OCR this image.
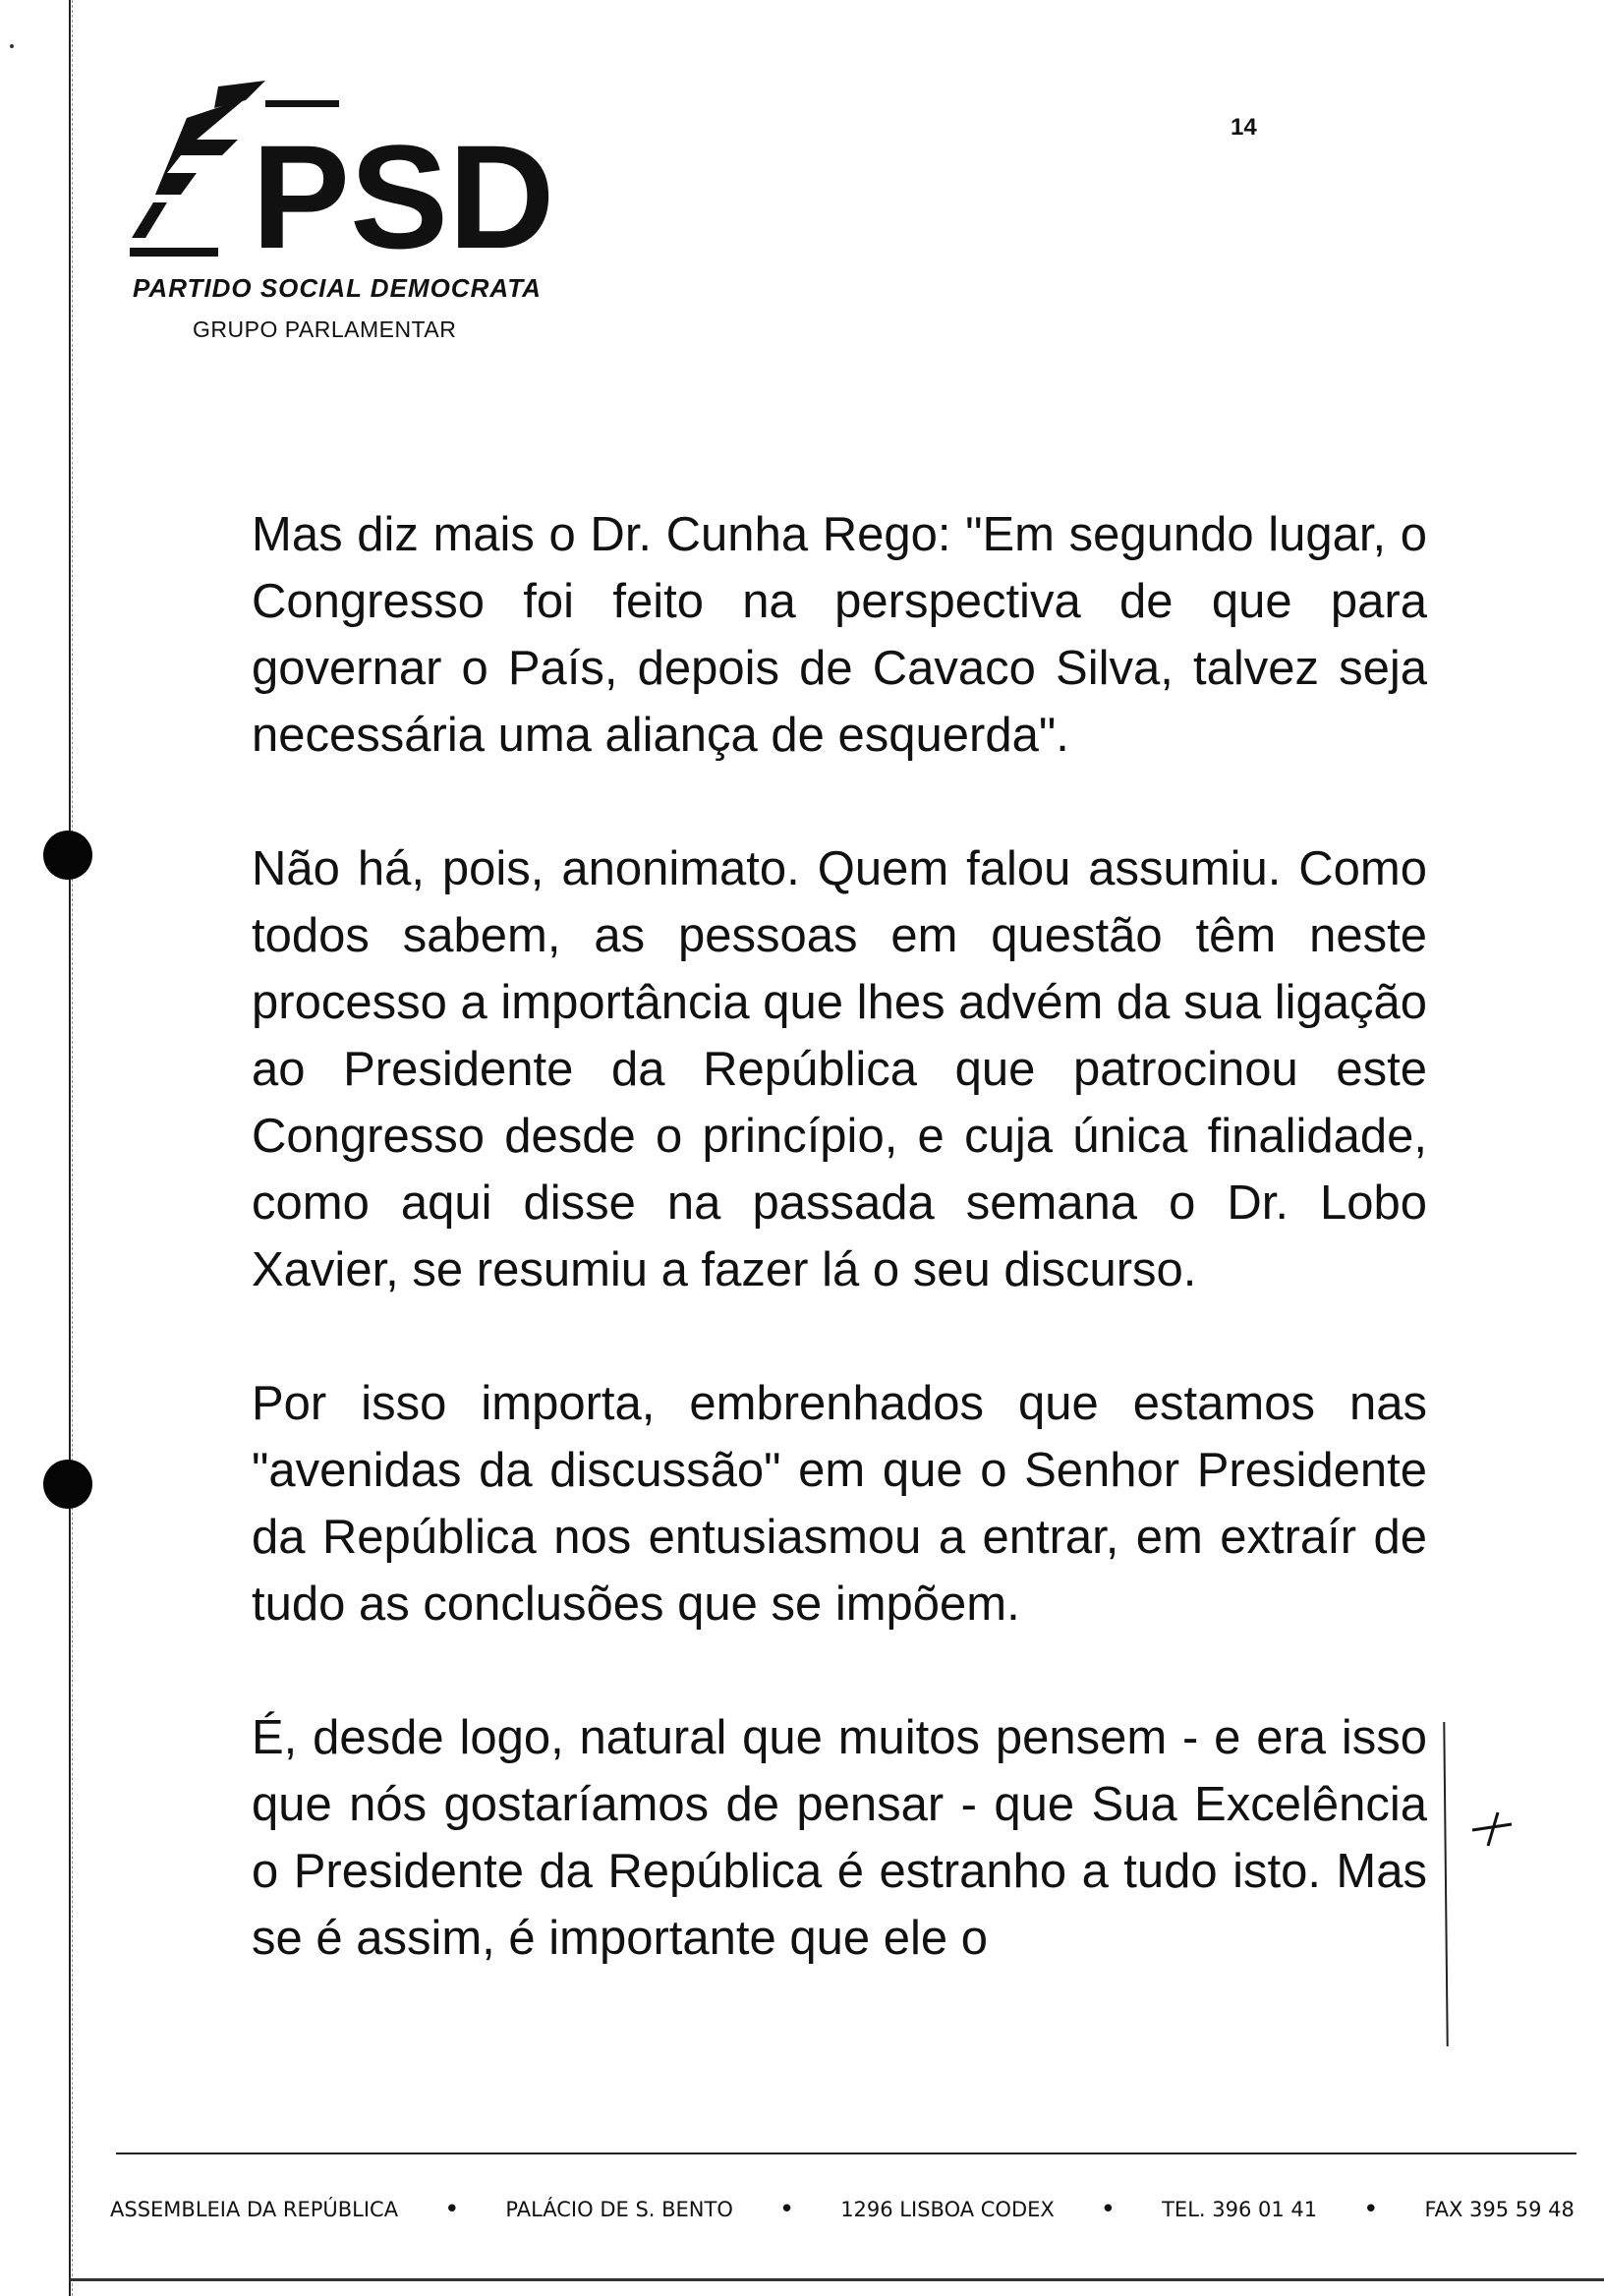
PSD
PARTIDO SOCIAL DEMOCRATA
GRUPO PARLAMENTAR
14

Mas diz mais o Dr. Cunha Rego: "Em segundo lugar, o Congresso foi feito na perspectiva de que para governar o País, depois de Cavaco Silva, talvez seja necessária uma aliança de esquerda".

Não há, pois, anonimato. Quem falou assumiu. Como todos sabem, as pessoas em questão têm neste processo a importância que lhes advém da sua ligação ao Presidente da República que patrocinou este Congresso desde o princípio, e cuja única finalidade, como aqui disse na passada semana o Dr. Lobo Xavier, se resumiu a fazer lá o seu discurso.

Por isso importa, embrenhados que estamos nas "avenidas da discussão" em que o Senhor Presidente da República nos entusiasmou a entrar, em extraír de tudo as conclusões que se impõem.

É, desde logo, natural que muitos pensem - e era isso que nós gostaríamos de pensar - que Sua Excelência o Presidente da República é estranho a tudo isto. Mas se é assim, é importante que ele o

ASSEMBLEIA DA REPÚBLICA • PALÁCIO DE S. BENTO • 1296 LISBOA CODEX • TEL. 396 01 41 • FAX 395 59 48
